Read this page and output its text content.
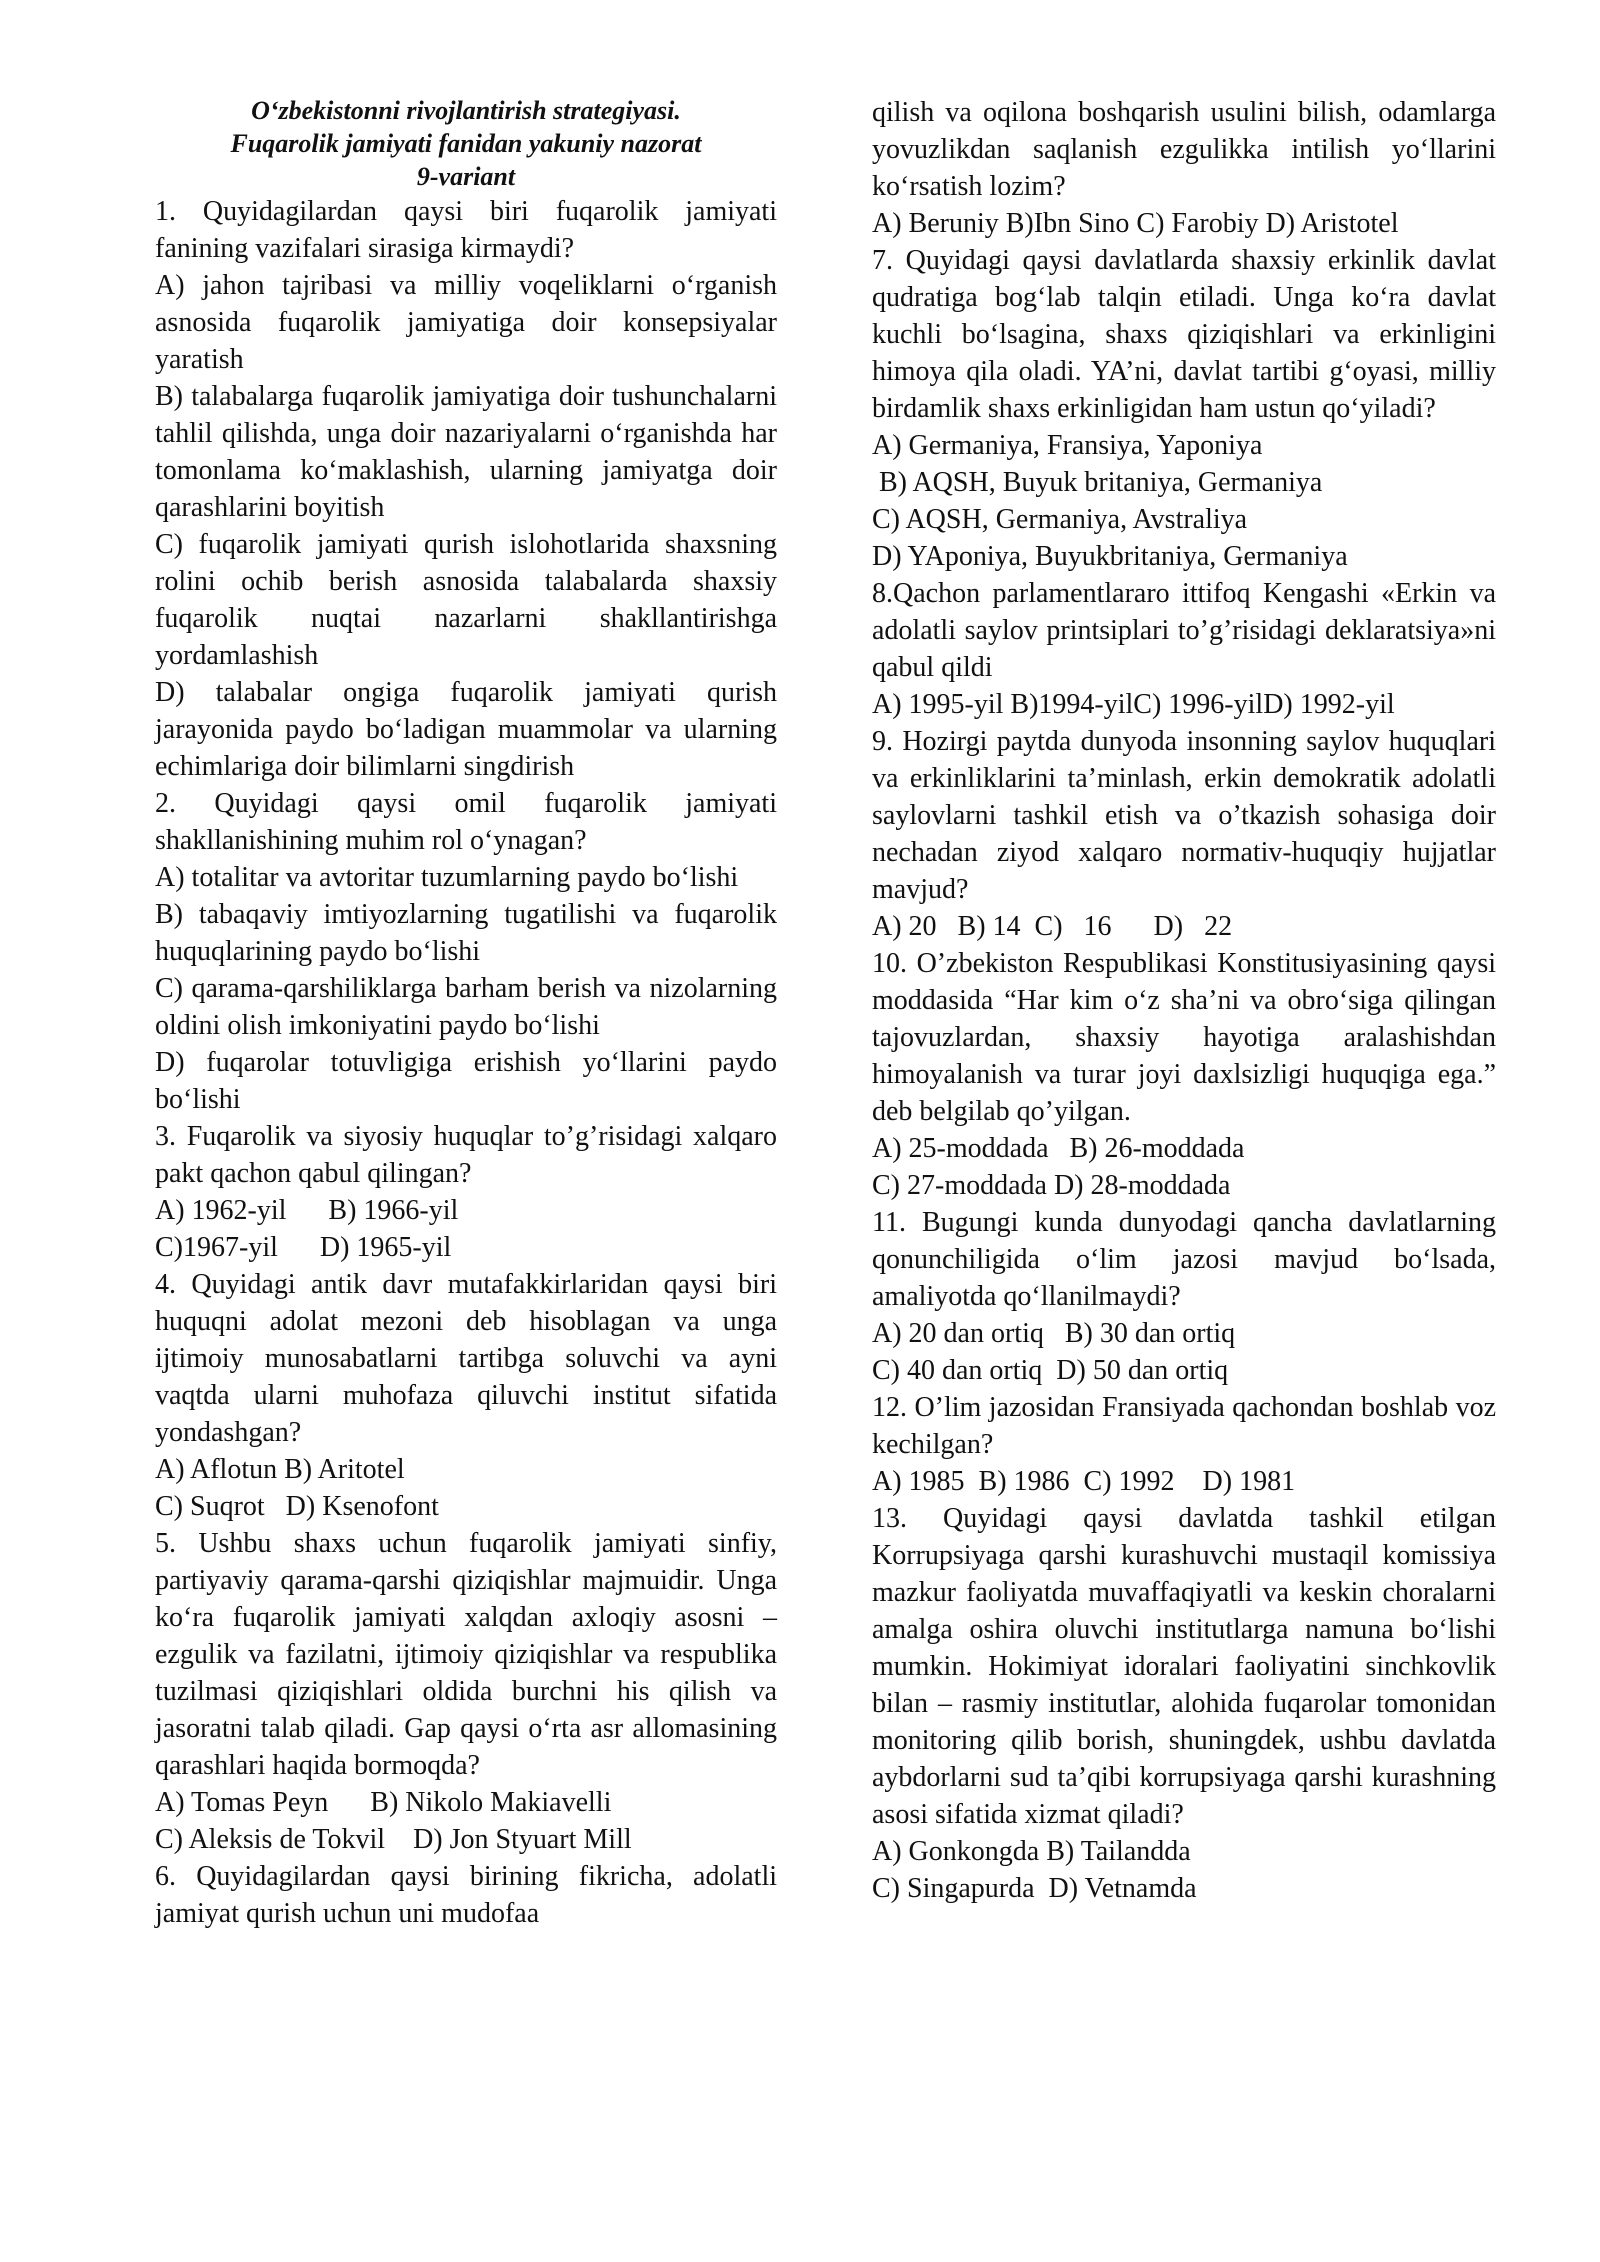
O‘zbekistonni rivojlantirish strategiyasi.
Fuqarolik jamiyati fanidan yakuniy nazorat
9-variant

1. Quyidagilardan qaysi biri fuqarolik jamiyati fanining vazifalari sirasiga kirmaydi?

A) jahon tajribasi va milliy voqeliklarni o‘rganish asnosida fuqarolik jamiyatiga doir konsepsiyalar yaratish

B) talabalarga fuqarolik jamiyatiga doir tushunchalarni tahlil qilishda, unga doir nazariyalarni o‘rganishda har tomonlama ko‘maklashish, ularning jamiyatga doir qarashlarini boyitish

C) fuqarolik jamiyati qurish islohotlarida shaxsning rolini ochib berish asnosida talabalarda shaxsiy fuqarolik nuqtai nazarlarni shakllantirishga yordamlashish

D) talabalar ongiga fuqarolik jamiyati qurish jarayonida paydo bo‘ladigan muammolar va ularning echimlariga doir bilimlarni singdirish

2. Quyidagi qaysi omil fuqarolik jamiyati shakllanishining muhim rol o‘ynagan?

A) totalitar va avtoritar tuzumlarning paydo bo‘lishi

B) tabaqaviy imtiyozlarning tugatilishi va fuqarolik huquqlarining paydo bo‘lishi

C) qarama-qarshiliklarga barham berish va nizolarning oldini olish imkoniyatini paydo bo‘lishi

D) fuqarolar totuvligiga erishish yo‘llarini paydo bo‘lishi

3. Fuqarolik va siyosiy huquqlar to’g’risidagi xalqaro pakt qachon qabul qilingan?

A) 1962-yil      B) 1966-yil

C)1967-yil      D) 1965-yil

4. Quyidagi antik davr mutafakkirlaridan qaysi biri huquqni adolat mezoni deb hisoblagan va unga ijtimoiy munosabatlarni tartibga soluvchi va ayni vaqtda ularni muhofaza qiluvchi institut sifatida yondashgan?

A) Aflotun B) Aritotel

C) Suqrot   D) Ksenofont

5. Ushbu shaxs uchun fuqarolik jamiyati sinfiy, partiyaviy qarama-qarshi qiziqishlar majmuidir. Unga ko‘ra fuqarolik jamiyati xalqdan axloqiy asosni – ezgulik va fazilatni, ijtimoiy qiziqishlar va respublika tuzilmasi qiziqishlari oldida burchni his qilish va jasoratni talab qiladi. Gap qaysi o‘rta asr allomasining qarashlari haqida bormoqda?

A) Tomas Peyn      B) Nikolo Makiavelli

C) Aleksis de Tokvil    D) Jon Styuart Mill

6. Quyidagilardan qaysi birining fikricha, adolatli jamiyat qurish uchun uni mudofaa

qilish va oqilona boshqarish usulini bilish, odamlarga yovuzlikdan saqlanish ezgulikka intilish yo‘llarini ko‘rsatish lozim?

A) Beruniy B)Ibn Sino C) Farobiy D) Aristotel

7. Quyidagi qaysi davlatlarda shaxsiy erkinlik davlat qudratiga bog‘lab talqin etiladi. Unga ko‘ra davlat kuchli bo‘lsagina, shaxs qiziqishlari va erkinligini himoya qila oladi. YA’ni, davlat tartibi g‘oyasi, milliy birdamlik shaxs erkinligidan ham ustun qo‘yiladi?

A) Germaniya, Fransiya, Yaponiya

B) AQSH, Buyuk britaniya, Germaniya

C) AQSH, Germaniya, Avstraliya

D) YAponiya, Buyukbritaniya, Germaniya

8.Qachon parlamentlararo ittifoq Kengashi «Erkin va adolatli saylov printsiplari to’g’risidagi deklaratsiya»ni qabul qildi

A) 1995-yil B)1994-yilC) 1996-yilD) 1992-yil

9. Hozirgi paytda dunyoda insonning saylov huquqlari va erkinliklarini ta’minlash, erkin demokratik adolatli saylovlarni tashkil etish va o’tkazish sohasiga doir nechadan ziyod xalqaro normativ-huquqiy hujjatlar mavjud?

A) 20   B) 14  C)   16      D)   22

10. O’zbekiston Respublikasi Konstitusiyasining qaysi moddasida “Har kim o‘z sha’ni va obro‘siga qilingan tajovuzlardan, shaxsiy hayotiga aralashishdan himoyalanish va turar joyi daxlsizligi huquqiga ega.” deb belgilab qo’yilgan.

A) 25-moddada   B) 26-moddada

C) 27-moddada D) 28-moddada

11. Bugungi kunda dunyodagi qancha davlatlarning qonunchiligida o‘lim jazosi mavjud bo‘lsada, amaliyotda qo‘llanilmaydi?

A) 20 dan ortiq   B) 30 dan ortiq

C) 40 dan ortiq  D) 50 dan ortiq

12. O’lim jazosidan Fransiyada qachondan boshlab voz kechilgan?

A) 1985  B) 1986  C) 1992    D) 1981

13. Quyidagi qaysi davlatda tashkil etilgan Korrupsiyaga qarshi kurashuvchi mustaqil komissiya mazkur faoliyatda muvaffaqiyatli va keskin choralarni amalga oshira oluvchi institutlarga namuna bo‘lishi mumkin. Hokimiyat idoralari faoliyatini sinchkovlik bilan – rasmiy institutlar, alohida fuqarolar tomonidan monitoring qilib borish, shuningdek, ushbu davlatda aybdorlarni sud ta’qibi korrupsiyaga qarshi kurashning asosi sifatida xizmat qiladi?

A) Gonkongda B) Tailandda

C) Singapurda  D) Vetnamda
